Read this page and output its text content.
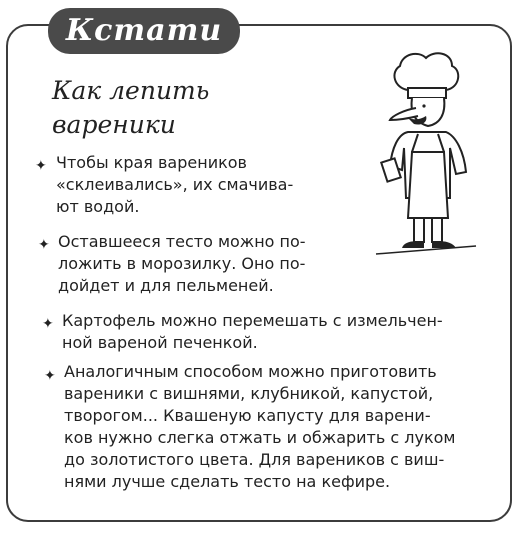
Кстати
Как лепить
вареники
✦ Чтобы края вареников
«склеивались», их смачива-
ют водой.
✦ Оставшееся тесто можно по-
ложить в морозилку. Оно по-
дойдет и для пельменей.
✦ Картофель можно перемешать с измельчен-
ной вареной печенкой.
✦ Аналогичным способом можно приготовить
вареники с вишнями, клубникой, капустой,
творогом... Квашеную капусту для варени-
ков нужно слегка отжать и обжарить с луком
до золотистого цвета. Для вареников с виш-
нями лучше сделать тесто на кефире.
